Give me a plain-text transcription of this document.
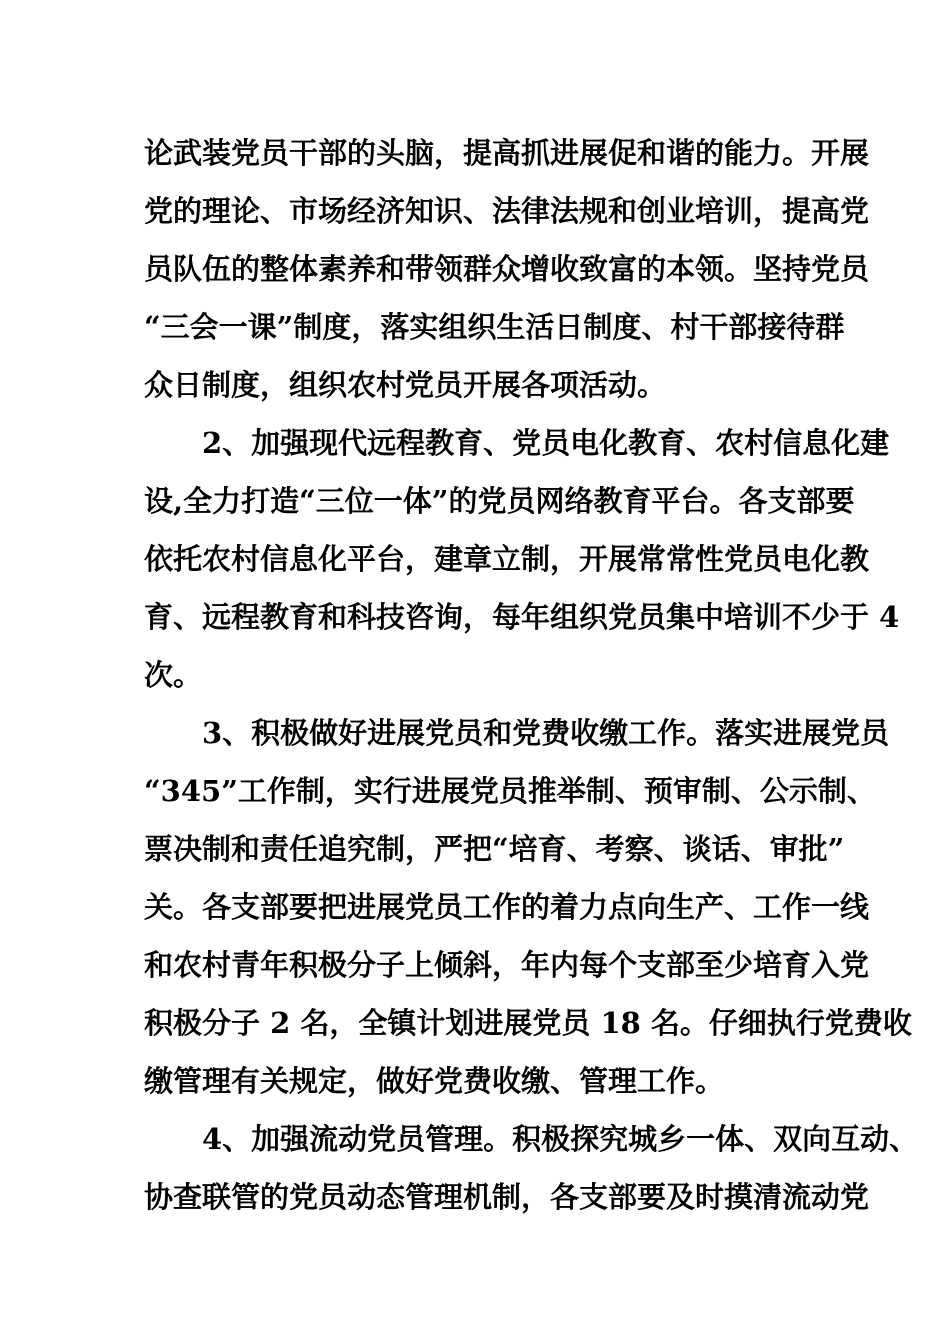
论武装党员干部的头脑，提高抓进展促和谐的能力。开展
党的理论、市场经济知识、法律法规和创业培训，提高党
员队伍的整体素养和带领群众增收致富的本领。坚持党员
“三会一课”制度，落实组织生活日制度、村干部接待群
众日制度，组织农村党员开展各项活动。
2、加强现代远程教育、党员电化教育、农村信息化建
设,全力打造“三位一体”的党员网络教育平台。各支部要
依托农村信息化平台，建章立制，开展常常性党员电化教
育、远程教育和科技咨询，每年组织党员集中培训不少于 4
次。
3、积极做好进展党员和党费收缴工作。落实进展党员
“345”工作制，实行进展党员推举制、预审制、公示制、
票决制和责任追究制，严把“培育、考察、谈话、审批”
关。各支部要把进展党员工作的着力点向生产、工作一线
和农村青年积极分子上倾斜，年内每个支部至少培育入党
积极分子 2 名，全镇计划进展党员 18 名。仔细执行党费收
缴管理有关规定，做好党费收缴、管理工作。
4、加强流动党员管理。积极探究城乡一体、双向互动、
协查联管的党员动态管理机制，各支部要及时摸清流动党
